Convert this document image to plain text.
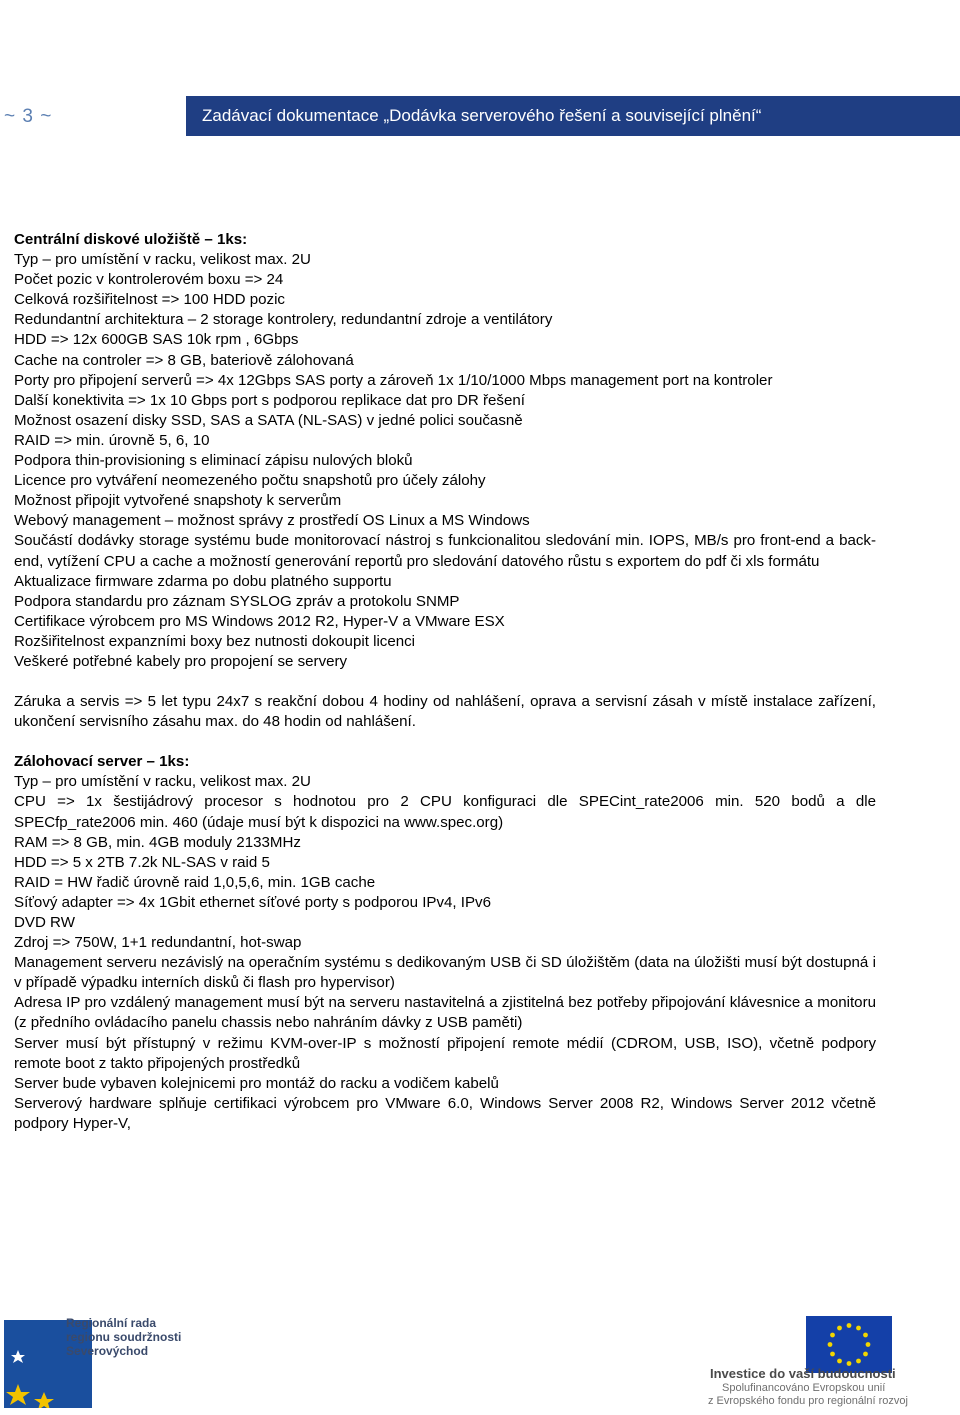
~ 3 ~	Zadávací dokumentace „Dodávka serverového řešení a související plnění“

Centrální diskové uložiště – 1ks:

Typ – pro umístění v racku, velikost max. 2U

Počet pozic v kontrolerovém boxu => 24

Celková rozšiřitelnost => 100 HDD pozic

Redundantní architektura – 2 storage kontrolery, redundantní zdroje a ventilátory

HDD => 12x 600GB SAS 10k rpm , 6Gbps

Cache na controler => 8 GB, bateriově zálohovaná

Porty pro připojení serverů => 4x 12Gbps SAS porty a zároveň 1x 1/10/1000 Mbps management port na kontroler

Další konektivita => 1x 10 Gbps port s podporou replikace dat pro DR řešení

Možnost osazení disky SSD, SAS a SATA (NL-SAS) v jedné polici současně

RAID => min. úrovně 5, 6, 10

Podpora thin-provisioning s eliminací zápisu nulových bloků

Licence pro vytváření neomezeného počtu snapshotů pro účely zálohy

Možnost připojit vytvořené snapshoty k serverům

Webový management – možnost správy z prostředí OS Linux a MS Windows

Součástí dodávky storage systému bude monitorovací nástroj s funkcionalitou sledování min. IOPS, MB/s pro front-end a back-end, vytížení CPU a cache a možností generování reportů pro sledování datového růstu s exportem do pdf či xls formátu

Aktualizace firmware zdarma po dobu platného supportu

Podpora standardu pro záznam SYSLOG zpráv a protokolu SNMP

Certifikace výrobcem pro MS Windows 2012 R2, Hyper-V a VMware ESX

Rozšiřitelnost expanzními boxy bez nutnosti dokoupit licenci

Veškeré potřebné kabely pro propojení se servery

Záruka a servis => 5 let typu 24x7 s reakční dobou 4 hodiny od nahlášení, oprava a servisní zásah v místě instalace zařízení, ukončení servisního zásahu max. do 48 hodin od nahlášení.

Zálohovací server – 1ks:

Typ – pro umístění v racku, velikost max. 2U

CPU => 1x šestijádrový procesor s hodnotou pro 2 CPU konfiguraci dle SPECint_rate2006 min. 520 bodů a dle SPECfp_rate2006 min. 460 (údaje musí být k dispozici na www.spec.org)

RAM => 8 GB, min. 4GB moduly 2133MHz

HDD => 5 x 2TB 7.2k NL-SAS v raid 5

RAID = HW řadič úrovně raid 1,0,5,6, min. 1GB cache

Síťový adapter => 4x 1Gbit ethernet síťové porty s podporou IPv4, IPv6

DVD RW

Zdroj => 750W, 1+1 redundantní, hot-swap

Management serveru nezávislý na operačním systému s dedikovaným USB či SD úložištěm (data na úložišti musí být dostupná i v případě výpadku interních disků či flash pro hypervisor)

Adresa IP pro vzdálený management musí být na serveru nastavitelná a zjistitelná bez potřeby připojování klávesnice a monitoru (z předního ovládacího panelu chassis nebo nahráním dávky z USB paměti)

Server musí být přístupný v režimu KVM-over-IP s možností připojení remote médií (CDROM, USB, ISO), včetně podpory remote boot z takto připojených prostředků

Server bude vybaven kolejnicemi pro montáž do racku a vodičem kabelů

Serverový hardware splňuje certifikaci výrobcem pro VMware 6.0, Windows Server 2008 R2, Windows Server 2012 včetně podpory Hyper-V,

Regionální rada
regionu soudržnosti
Severovýchod
Investice do vaší budoucnosti
Spolufinancováno Evropskou unií
z Evropského fondu pro regionální rozvoj
